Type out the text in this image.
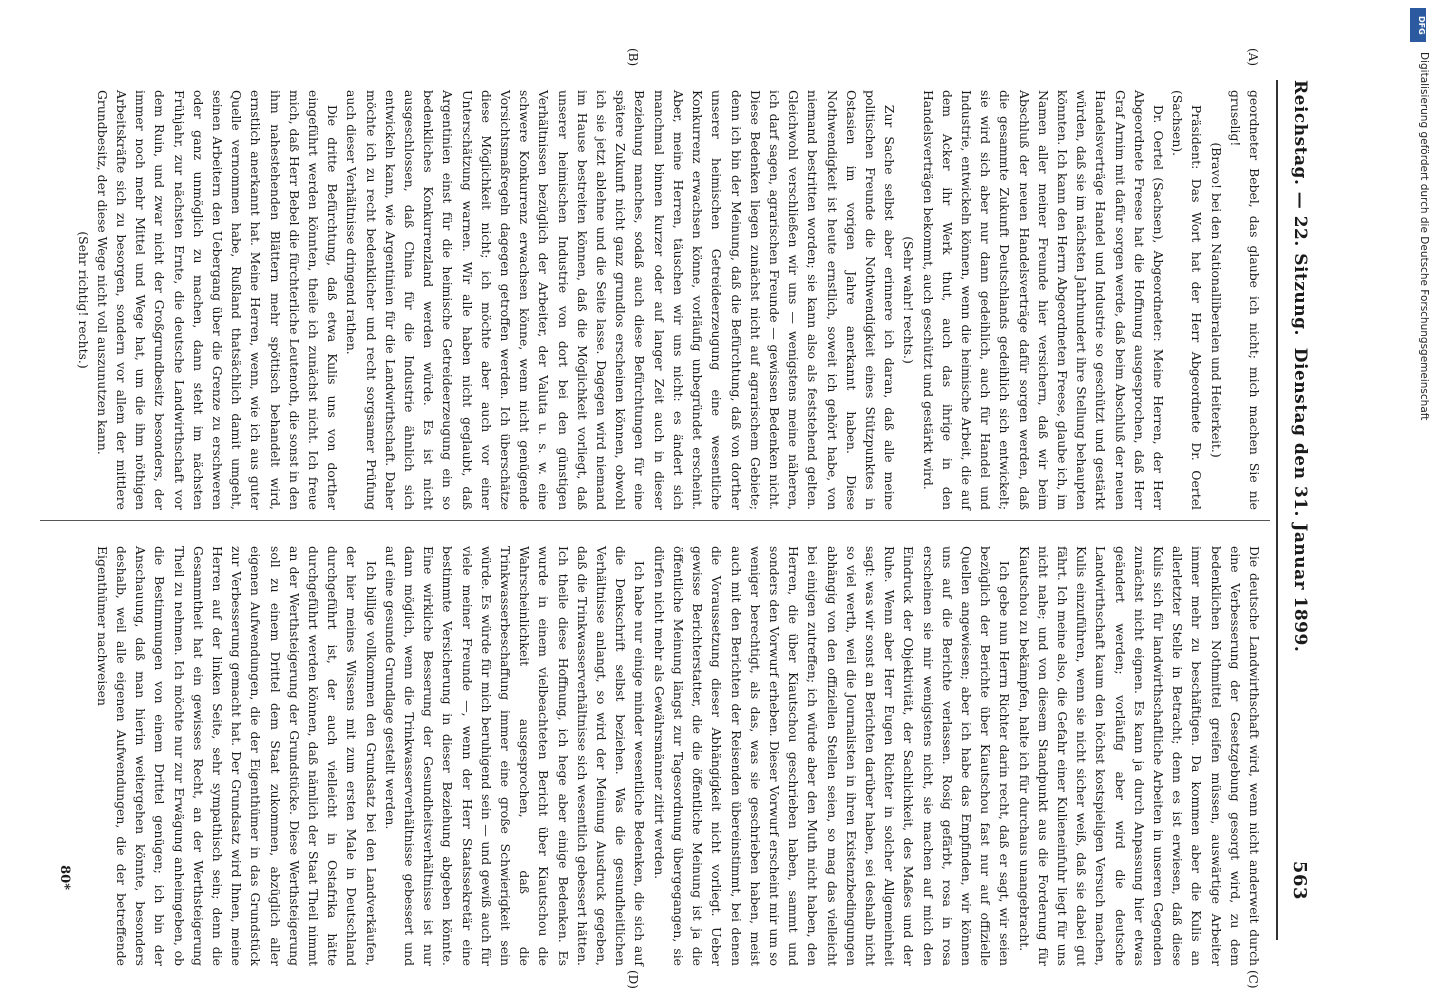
Reichstag. — 22. Sitzung.
Dienstag den 31. Januar 1899.
563
(A)
(B)
(C)
(D)

geordneter Bebel, das glaube ich nicht; mich machen Sie nie gruselig!

(Bravo! bei den Nationalliberalen und Heiterkeit.)

Präsident: Das Wort hat der Herr Abgeordnete Dr. Oertel (Sachsen).

Dr. Oertel (Sachsen), Abgeordneter: Meine Herren, der Herr Abgeordnete Freese hat die Hoffnung ausgesprochen, daß Herr Graf Arnim mit dafür sorgen werde, daß beim Abschluß der neuen Handelsverträge Handel und Industrie so geschützt und gestärkt würden, daß sie im nächsten Jahrhundert ihre Stellung behaupten könnten. Ich kann den Herrn Abgeordneten Freese, glaube ich, im Namen aller meiner Freunde hier versichern, daß wir beim Abschluß der neuen Handelsverträge dafür sorgen werden, daß die gesammte Zukunft Deutschlands gedeihlich sich entwickelt; sie wird sich aber nur dann gedeihlich, auch für Handel und Industrie, entwickeln können, wenn die heimische Arbeit, die auf dem Acker ihr Werk thut, auch das ihrige in den Handelsverträgen bekommt, auch geschützt und gestärkt wird.

(Sehr wahr! rechts.)

Zur Sache selbst aber erinnere ich daran, daß alle meine politischen Freunde die Nothwendigkeit eines Stützpunktes in Ostasien im vorigen Jahre anerkannt haben. Diese Nothwendigkeit ist heute ernstlich, soweit ich gehört habe, von niemand bestritten worden; sie kann also als feststehend gelten. Gleichwohl verschließen wir uns — wenigstens meine näheren, ich darf sagen, agrarischen Freunde — gewissen Bedenken nicht. Diese Bedenken liegen zunächst nicht auf agrarischem Gebiete; denn ich bin der Meinung, daß die Befürchtung, daß von dorther unserer heimischen Getreideerzeugung eine wesentliche Konkurrenz erwachsen könne, vorläufig unbegründet erscheint. Aber, meine Herren, täuschen wir uns nicht: es ändert sich manchmal binnen kurzer oder auf langer Zeit auch in dieser Beziehung manches, sodaß auch diese Befürchtungen für eine spätere Zukunft nicht ganz grundlos erscheinen können, obwohl ich sie jetzt ablehne und die Seite lasse. Dagegen wird niemand im Hause bestreiten können, daß die Möglichkeit vorliegt, daß unserer heimischen Industrie von dort bei den günstigen Verhältnissen bezüglich der Arbeiter, der Valuta u. s. w. eine schwere Konkurrenz erwachsen könne, wenn nicht genügende Vorsichtsmaßregeln dagegen getroffen werden. Ich überschätze diese Möglichkeit nicht; ich möchte aber auch vor einer Unterschätzung warnen. Wir alle haben nicht geglaubt, daß Argentinien einst für die heimische Getreideerzeugung ein so bedenkliches Konkurrenzland werden würde. Es ist nicht ausgeschlossen, daß China für die Industrie ähnlich sich entwickeln kann, wie Argentinien für die Landwirthschaft. Daher möchte ich zu recht bedenklicher und recht sorgsamer Prüfung auch dieser Verhältnisse dringend rathen.

Die dritte Befürchtung, daß etwa Kulis uns von dorther eingeführt werden könnten, theile ich zunächst nicht. Ich freue mich, daß Herr Bebel die fürchterliche Leutenoth, die sonst in den ihm nahestehenden Blättern mehr spöttisch behandelt wird, ernstlich anerkannt hat. Meine Herren, wenn, wie ich aus guter Quelle vernommen habe, Rußland thatsächlich damit umgeht, seinen Arbeitern den Uebergang über die Grenze zu erschweren oder ganz unmöglich zu machen, dann steht im nächsten Frühjahr, zur nächsten Ernte, die deutsche Landwirthschaft vor dem Ruin, und zwar nicht der Großgrundbesitz besonders, der immer noch mehr Mittel und Wege hat, um die ihm nöthigen Arbeitskräfte sich zu besorgen, sondern vor allem der mittlere Grundbesitz, der diese Wege nicht voll auszunutzen kann.

(Sehr richtig! rechts.)

Die deutsche Landwirthschaft wird, wenn nicht anderweit durch eine Verbesserung der Gesetzgebung gesorgt wird, zu dem bedenklichen Nothmittel greifen müssen, auswärtige Arbeiter immer mehr zu beschäftigen. Da kommen aber die Kulis an allerletzter Stelle in Betracht; denn es ist erwiesen, daß diese Kulis sich für landwirthschaftliche Arbeiten in unseren Gegenden zunächst nicht eignen. Es kann ja durch Anpassung hier etwas geändert werden; vorläufig aber wird die deutsche Landwirthschaft kaum den höchst kostspieligen Versuch machen, Kulis einzuführen, wenn sie nicht sicher weiß, daß sie dabei gut fährt. Ich meine also, die Gefahr einer Kulieneinfuhr liegt für uns nicht nahe; und von diesem Standpunkt aus die Forderung für Kiautschou zu bekämpfen, halte ich für durchaus unangebracht.

Ich gebe nun Herrn Richter darin recht, daß er sagt, wir seien bezüglich der Berichte über Kiautschou fast nur auf offizielle Quellen angewiesen; aber ich habe das Empfinden, wir können uns auf die Berichte verlassen. Rosig gefärbt, rosa in rosa erscheinen sie mir wenigstens nicht, sie machen auf mich den Eindruck der Objektivität, der Sachlichkeit, des Maßes und der Ruhe. Wenn aber Herr Eugen Richter in solcher Allgemeinheit sagt: was wir sonst an Berichten darüber haben, sei deshalb nicht so viel werth, weil die Journalisten in ihren Existenzbedingungen abhängig von den offiziellen Stellen seien, so mag das vielleicht bei einigen zutreffen; ich würde aber den Muth nicht haben, den Herren, die über Kiautschou geschrieben haben, sammt und sonders den Vorwurf erheben. Dieser Vorwurf erscheint mir um so weniger berechtigt, als das, was sie geschrieben haben, meist auch mit den Berichten der Reisenden übereinstimmt, bei denen die Voraussetzung dieser Abhängigkeit nicht vorliegt. Ueber gewisse Berichterstatter, die die öffentliche Meinung ist ja die öffentliche Meinung längst zur Tagesordnung übergegangen, sie dürfen nicht mehr als Gewährsmänner zitirt werden.

Ich habe nur einige minder wesentliche Bedenken, die sich auf die Denkschrift selbst beziehen. Was die gesundheitlichen Verhältnisse anlangt, so wird der Meinung Ausdruck gegeben, daß die Trinkwasserverhältnisse sich wesentlich gebessert hätten. Ich theile diese Hoffnung, ich hege aber einige Bedenken. Es wurde in einem vielbeachteten Bericht über Kiautschou die Wahrscheinlichkeit ausgesprochen, daß die Trinkwasserbeschaffung immer eine große Schwierigkeit sein würde. Es würde für mich beruhigend sein — und gewiß auch für viele meiner Freunde —, wenn der Herr Staatssekretär eine bestimmte Versicherung in dieser Beziehung abgeben könnte. Eine wirkliche Besserung der Gesundheitsverhältnisse ist nur dann möglich, wenn die Trinkwasserverhältnisse gebessert und auf eine gesunde Grundlage gestellt werden.

Ich billige vollkommen den Grundsatz bei den Landverkäufen, der hier meines Wissens mit zum ersten Male in Deutschland durchgeführt ist, der auch vielleicht in Ostafrika hätte durchgeführt werden können, daß nämlich der Staat Theil nimmt an der Werthsteigerung der Grundstücke. Diese Werthsteigerung soll zu einem Drittel dem Staat zukommen, abzüglich aller eigenen Aufwendungen, die der Eigenthümer in das Grundstück zur Verbesserung gemacht hat. Der Grundsatz wird Ihnen, meine Herren auf der linken Seite, sehr sympathisch sein; denn die Gesammtheit hat ein gewisses Recht, an der Werthsteigerung Theil zu nehmen. Ich möchte nur zur Erwägung anheimgeben, ob die Bestimmungen von einem Drittel genügen; ich bin der Anschauung, daß man hierin weitergehen könnte, besonders deshalb, weil alle eigenen Aufwendungen, die der betreffende Eigenthümer nachweisen

80*
DFG
Digitalisierung gefördert durch die Deutsche Forschungsgemeinschaft
